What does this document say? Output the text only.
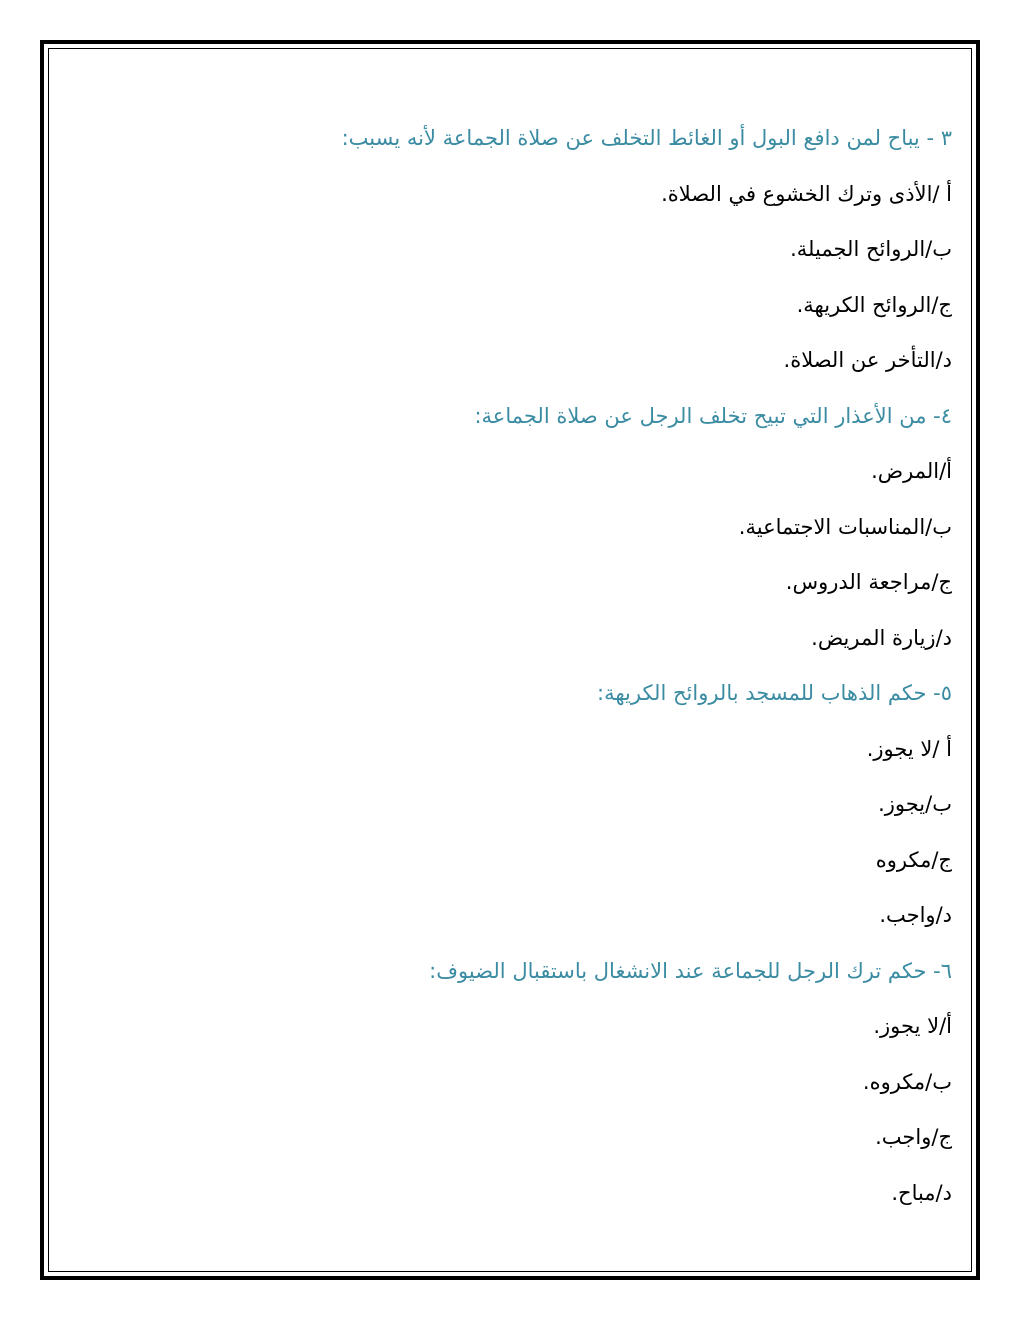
٣ - يباح لمن دافع البول أو الغائط التخلف عن صلاة الجماعة لأنه يسبب:
أ /الأذى وترك الخشوع في الصلاة.
ب/الروائح الجميلة.
ج/الروائح الكريهة.
د/التأخر عن الصلاة.
٤- من الأعذار التي تبيح تخلف الرجل عن صلاة الجماعة:
أ/المرض.
ب/المناسبات الاجتماعية.
ج/مراجعة الدروس.
د/زيارة المريض.
٥- حكم الذهاب للمسجد بالروائح الكريهة:
أ /لا يجوز.
ب/يجوز.
ج/مكروه
د/واجب.
٦- حكم ترك الرجل للجماعة عند الانشغال باستقبال الضيوف:
أ/لا يجوز.
ب/مكروه.
ج/واجب.
د/مباح.
